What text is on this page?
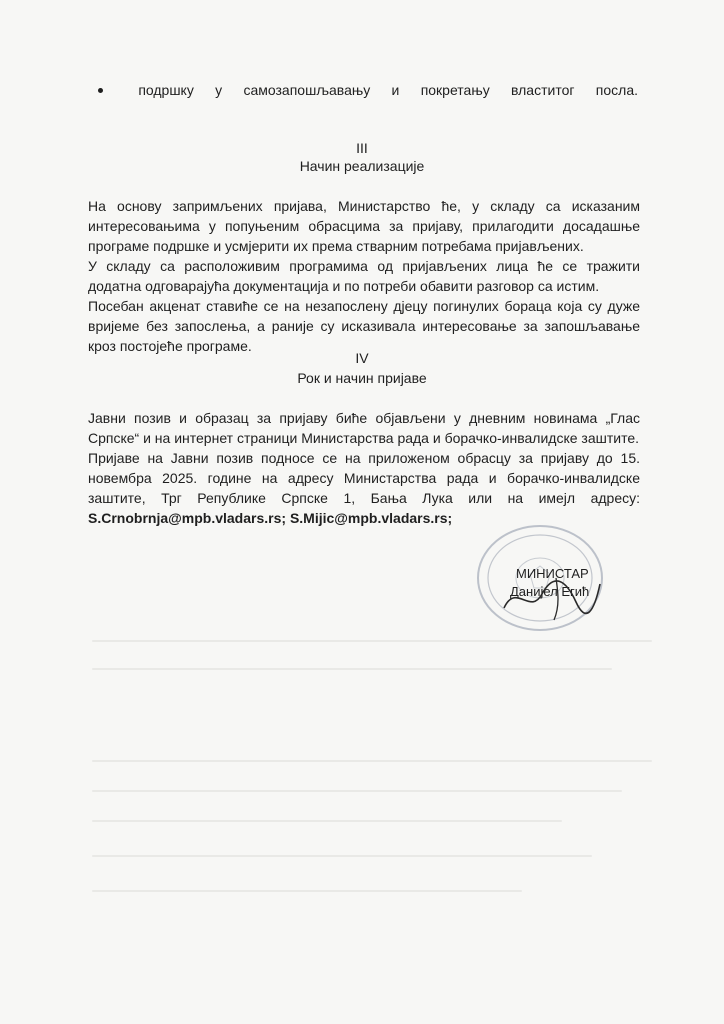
подршку у самозапошљавању и покретању властитог посла.
III
Начин реализације

На основу запримљених пријава, Министарство ће, у складу са исказаним интересовањима у попуњеним обрасцима за пријаву, прилагодити досадашње програме подршке и усмјерити их према стварним потребама пријављених.

У складу са расположивим програмима од пријављених лица ће се тражити додатна одговарајућа документација и по потреби обавити разговор са истим.

Посебан акценат ставиће се на незапослену дјецу погинулих бораца која су дуже вријеме без запослења, а раније су исказивала интересовање за запошљавање кроз постојеће програме.

IV
Рок и начин пријаве

Јавни позив и образац за пријаву биће објављени у дневним новинама „Глас Српске“ и на интернет страници Министарства рада и борачко-инвалидске заштите.

Пријаве на Јавни позив подносе се на приложеном обрасцу за пријаву до 15. новембра 2025. године на адресу Министарства рада и борачко-инвалидске заштите, Трг Републике Српске 1, Бања Лука или на имејл адресу: S.Crnobrnja@mpb.vladars.rs; S.Mijic@mpb.vladars.rs;

МИНИСТАР
Данијел Егић
